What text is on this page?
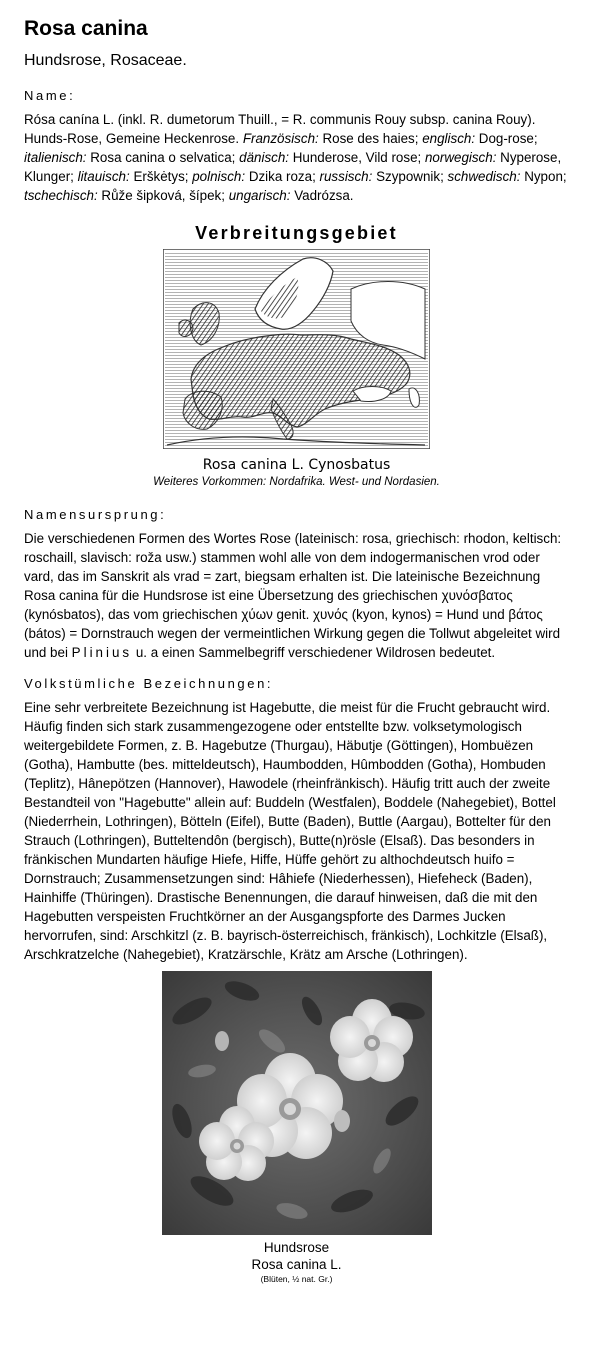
Rosa canina
Hundsrose, Rosaceae.
Name:

Rósa canína L. (inkl. R. dumetorum Thuill., = R. communis Rouy subsp. canina Rouy). Hunds-Rose, Gemeine Heckenrose. Französisch: Rose des haies; englisch: Dog-rose; italienisch: Rosa canina o selvatica; dänisch: Hunderose, Vild rose; norwegisch: Nyperose, Klunger; litauisch: Erškėtys; polnisch: Dzika roza; russisch: Szypownik; schwedisch: Nypon; tschechisch: Růže šipková, šípek; ungarisch: Vadrózsa.

Verbreitungsgebiet
Rosa canina L. Cynosbatus
Weiteres Vorkommen: Nordafrika. West- und Nordasien.
Namensursprung:

Die verschiedenen Formen des Wortes Rose (lateinisch: rosa, griechisch: rhodon, keltisch: roschaill, slavisch: roža usw.) stammen wohl alle von dem indogermanischen vrod oder vard, das im Sanskrit als vrad = zart, biegsam erhalten ist. Die lateinische Bezeichnung Rosa canina für die Hundsrose ist eine Übersetzung des griechischen χυνόσβατος (kynósbatos), das vom griechischen χύων genit. χυνός (kyon, kynos) = Hund und βάτος (bátos) = Dornstrauch wegen der vermeintlichen Wirkung gegen die Tollwut abgeleitet wird und bei Plinius u. a einen Sammelbegriff verschiedener Wildrosen bedeutet.

Volkstümliche Bezeichnungen:

Eine sehr verbreitete Bezeichnung ist Hagebutte, die meist für die Frucht gebraucht wird. Häufig finden sich stark zusammengezogene oder entstellte bzw. volksetymologisch weitergebildete Formen, z. B. Hagebutze (Thurgau), Häbutje (Göttingen), Hombuëzen (Gotha), Hambutte (bes. mitteldeutsch), Haumbodden, Hûmbodden (Gotha), Hombuden (Teplitz), Hânepötzen (Hannover), Hawodele (rheinfränkisch). Häufig tritt auch der zweite Bestandteil von "Hagebutte" allein auf: Buddeln (Westfalen), Boddele (Nahegebiet), Bottel (Niederrhein, Lothringen), Bötteln (Eifel), Butte (Baden), Buttle (Aargau), Bottelter für den Strauch (Lothringen), Butteltendôn (bergisch), Butte(n)rösle (Elsaß). Das besonders in fränkischen Mundarten häufige Hiefe, Hiffe, Hüffe gehört zu althochdeutsch huifo = Dornstrauch; Zusammensetzungen sind: Hâhiefe (Niederhessen), Hiefeheck (Baden), Hainhiffe (Thüringen). Drastische Benennungen, die darauf hinweisen, daß die mit den Hagebutten verspeisten Fruchtkörner an der Ausgangspforte des Darmes Jucken hervorrufen, sind: Arschkitzl (z. B. bayrisch-österreichisch, fränkisch), Lochkitzle (Elsaß), Arschkratzelche (Nahegebiet), Kratzärschle, Krätz am Arsche (Lothringen).

Hundsrose
Rosa canina L.
(Blüten, ½ nat. Gr.)
